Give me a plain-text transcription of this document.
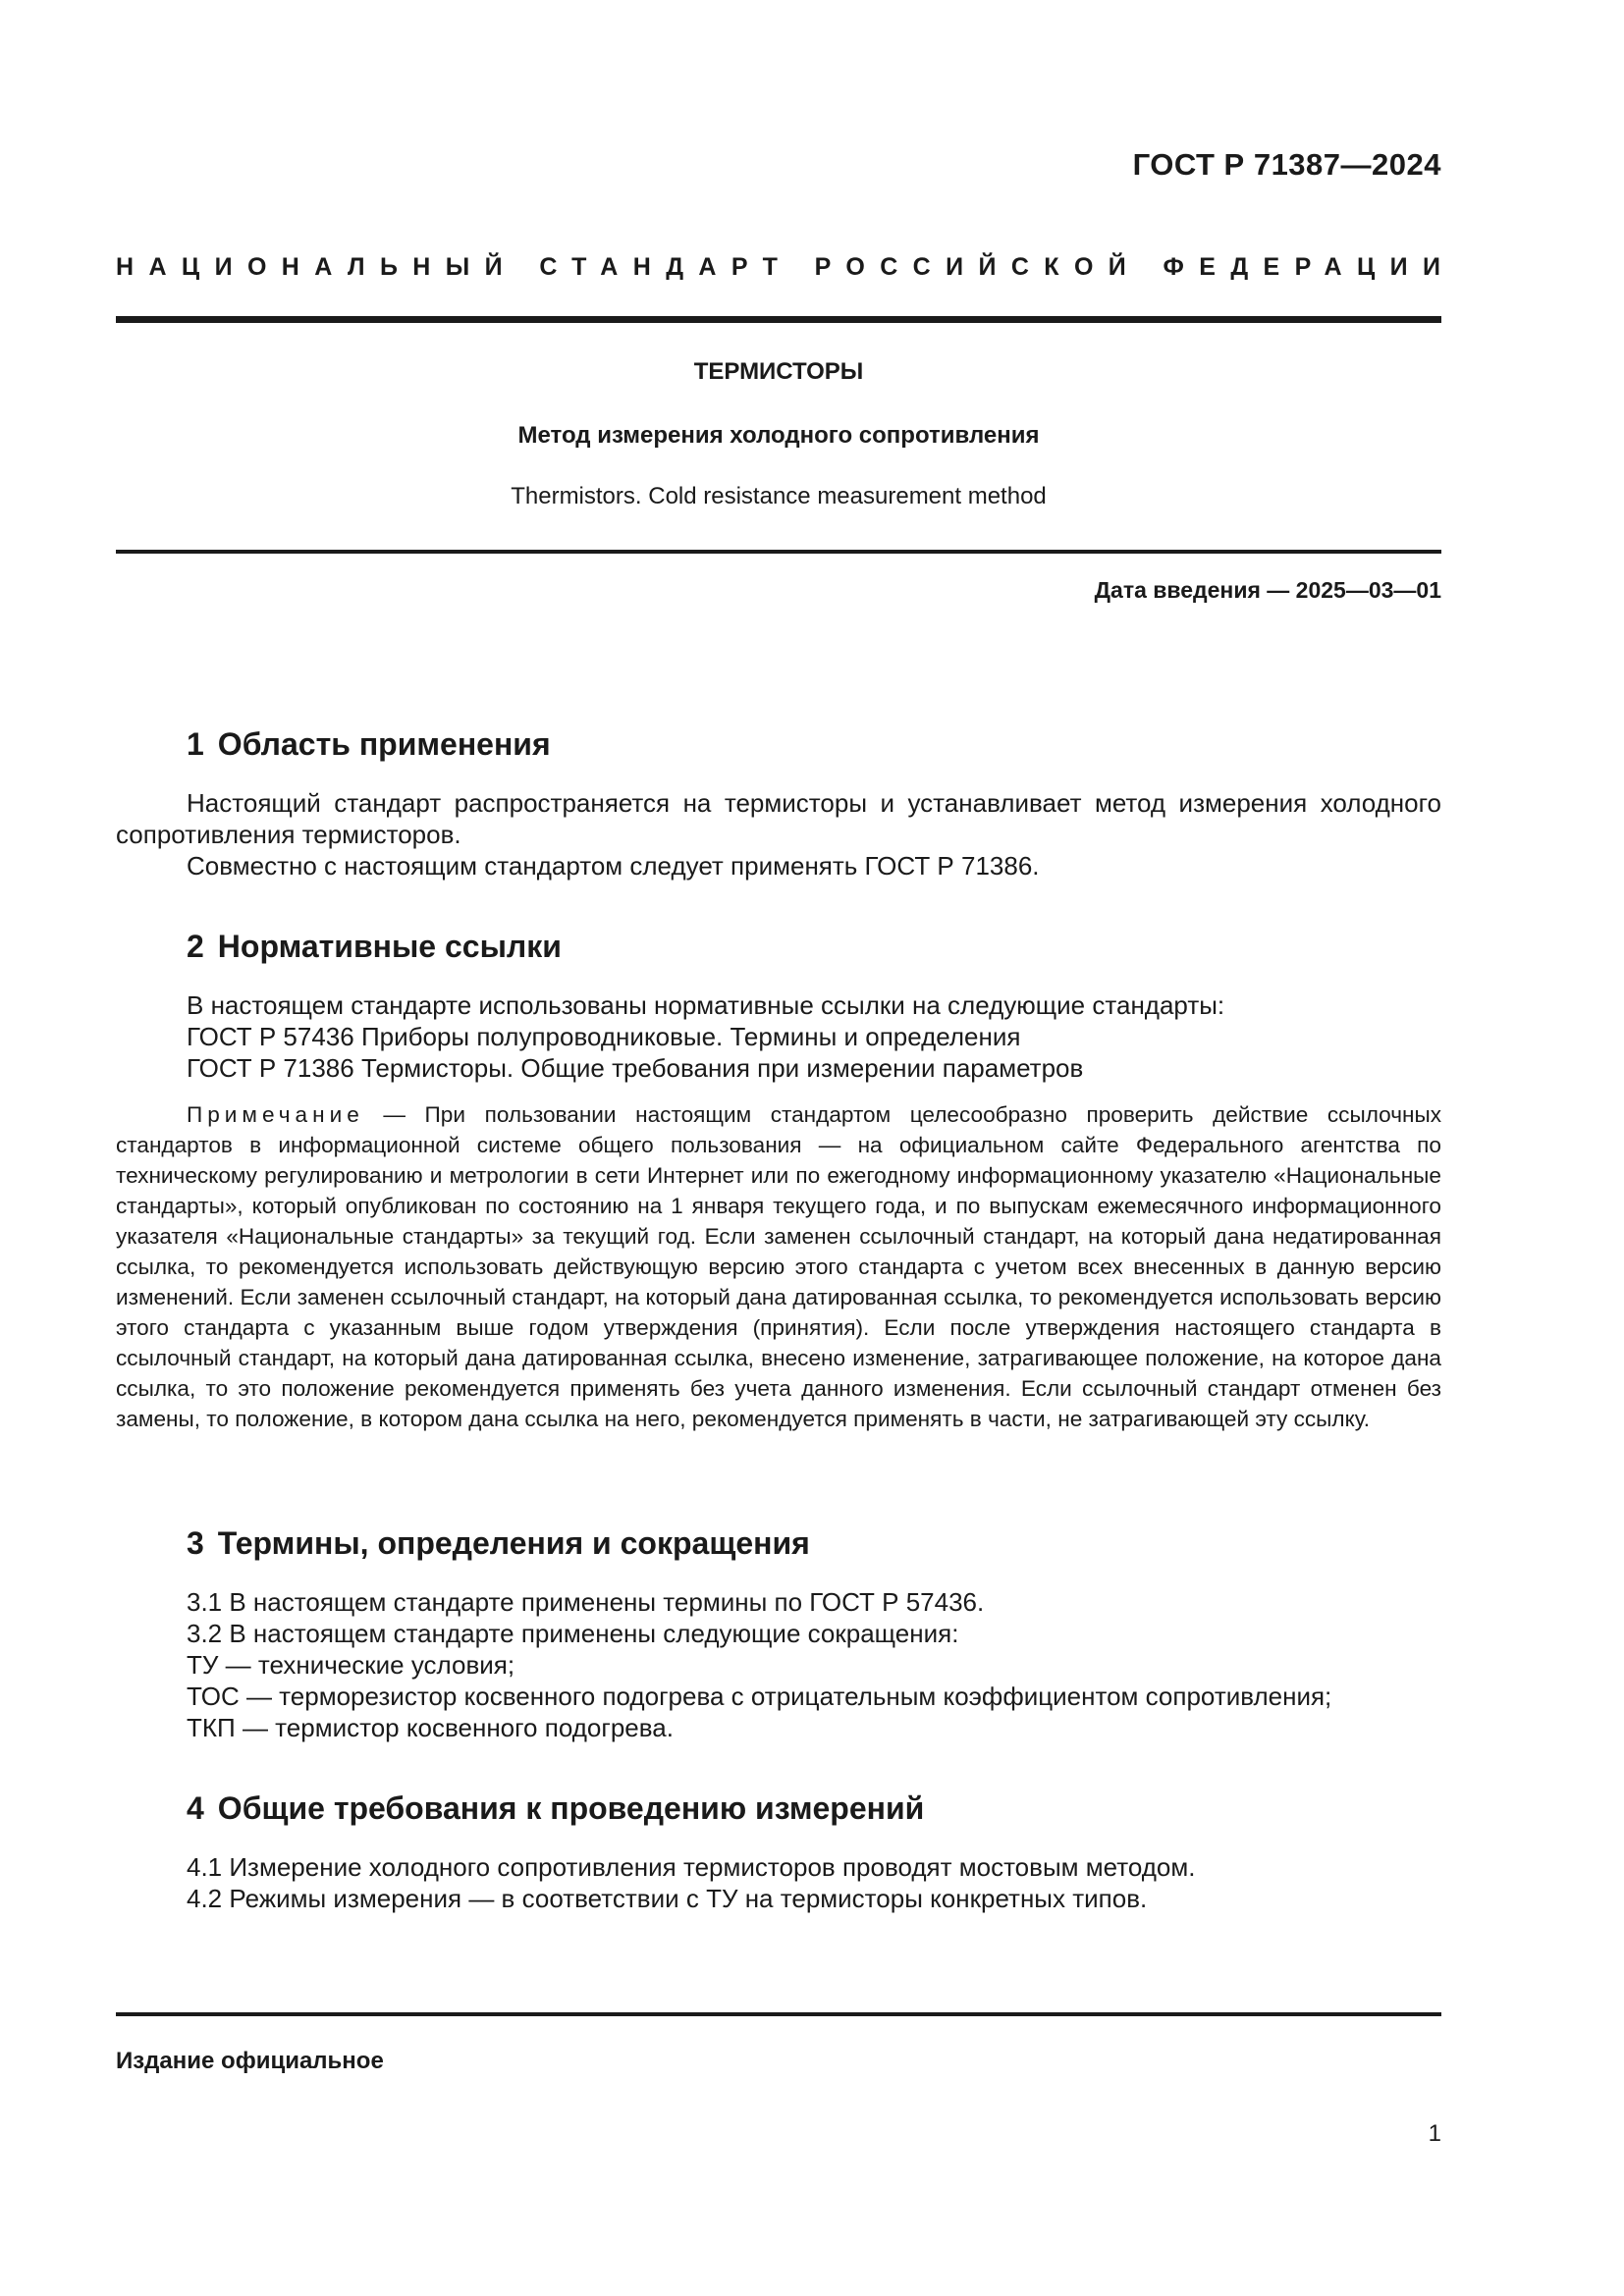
ГОСТ Р 71387—2024
НАЦИОНАЛЬНЫЙ СТАНДАРТ РОССИЙСКОЙ ФЕДЕРАЦИИ
ТЕРМИСТОРЫ
Метод измерения холодного сопротивления
Thermistors. Cold resistance measurement method
Дата введения — 2025—03—01
1 Область применения
Настоящий стандарт распространяется на термисторы и устанавливает метод измерения холодного сопротивления термисторов.
Совместно с настоящим стандартом следует применять ГОСТ Р 71386.
2 Нормативные ссылки
В настоящем стандарте использованы нормативные ссылки на следующие стандарты:
ГОСТ Р 57436 Приборы полупроводниковые. Термины и определения
ГОСТ Р 71386 Термисторы. Общие требования при измерении параметров
Примечание — При пользовании настоящим стандартом целесообразно проверить действие ссылочных стандартов в информационной системе общего пользования — на официальном сайте Федерального агентства по техническому регулированию и метрологии в сети Интернет или по ежегодному информационному указателю «Национальные стандарты», который опубликован по состоянию на 1 января текущего года, и по выпускам ежемесячного информационного указателя «Национальные стандарты» за текущий год. Если заменен ссылочный стандарт, на который дана недатированная ссылка, то рекомендуется использовать действующую версию этого стандарта с учетом всех внесенных в данную версию изменений. Если заменен ссылочный стандарт, на который дана датированная ссылка, то рекомендуется использовать версию этого стандарта с указанным выше годом утверждения (принятия). Если после утверждения настоящего стандарта в ссылочный стандарт, на который дана датированная ссылка, внесено изменение, затрагивающее положение, на которое дана ссылка, то это положение рекомендуется применять без учета данного изменения. Если ссылочный стандарт отменен без замены, то положение, в котором дана ссылка на него, рекомендуется применять в части, не затрагивающей эту ссылку.
3 Термины, определения и сокращения
3.1 В настоящем стандарте применены термины по ГОСТ Р 57436.
3.2 В настоящем стандарте применены следующие сокращения:
ТУ — технические условия;
ТОС — терморезистор косвенного подогрева с отрицательным коэффициентом сопротивления;
ТКП — термистор косвенного подогрева.
4 Общие требования к проведению измерений
4.1 Измерение холодного сопротивления термисторов проводят мостовым методом.
4.2 Режимы измерения — в соответствии с ТУ на термисторы конкретных типов.
Издание официальное
1
